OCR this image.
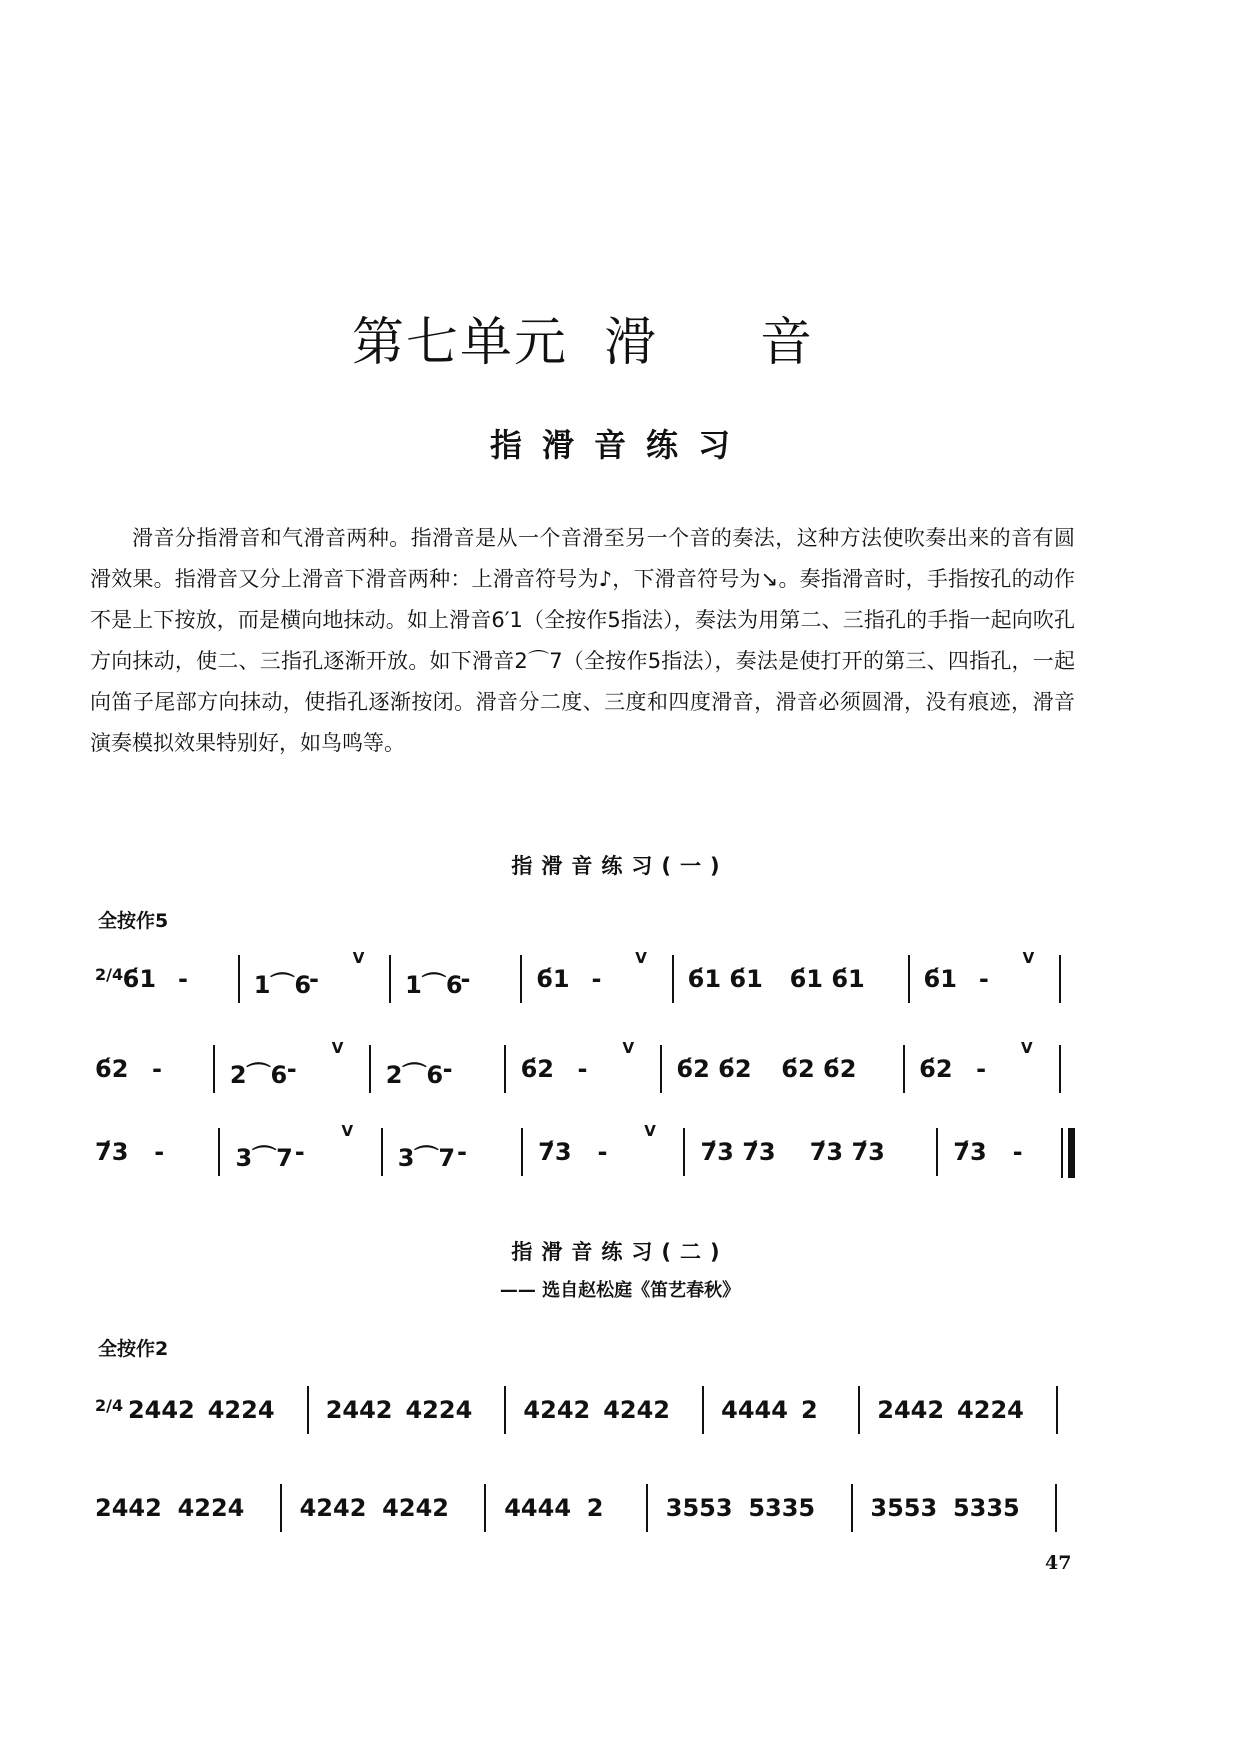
第七单元 滑 音
指滑音练习
滑音分指滑音和气滑音两种。指滑音是从一个音滑至另一个音的奏法，这种方法使吹奏出来的音有圆滑效果。指滑音又分上滑音下滑音两种：上滑音符号为♪，下滑音符号为↘。奏指滑音时，手指按孔的动作不是上下按放，而是横向地抹动。如上滑音6′1（全按作5指法），奏法为用第二、三指孔的手指一起向吹孔方向抹动，使二、三指孔逐渐开放。如下滑音2⌒7（全按作5指法），奏法是使打开的第三、四指孔，一起向笛子尾部方向抹动，使指孔逐渐按闭。滑音分二度、三度和四度滑音，滑音必须圆滑，没有痕迹，滑音演奏模拟效果特别好，如鸟鸣等。
指滑音练习(一)
全按作5
2/4 6́1 -	1⌒6
-
V
1⌒6
-	6́1 -
V
6́1 6́1 6́1 6́1 6́1 -
V
6́2 -	2⌒6 -
V
2⌒6 -	6́2 -
V
6́2 6́2 6́2 6́2	6́2 -
V
7́3 -	3⌒7 -
V
3⌒7 -	7́3 -
V
7́3 7́3 7́3 7́3	7́3 -
指滑音练习(二)
—— 选自赵松庭《笛艺春秋》
全按作2
2/4 2442 4224 2442 4224 4242 4242 4444 2 2442 4224
2442 4224 4242 4242 4444 2	3553 5335 3553 5335
47
